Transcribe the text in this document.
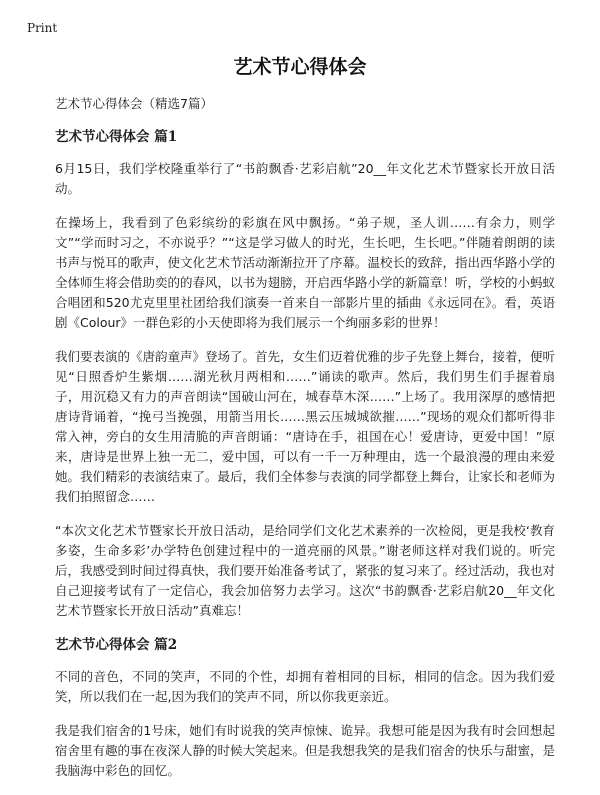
Print
艺术节心得体会
艺术节心得体会（精选7篇）
艺术节心得体会 篇1

6月15日，我们学校隆重举行了“书韵飘香·艺彩启航”20__年文化艺术节暨家长开放日活动。

在操场上，我看到了色彩缤纷的彩旗在风中飘扬。“弟子规，圣人训……有余力，则学文”“学而时习之，不亦说乎？”“这是学习做人的时光，生长吧，生长吧。”伴随着朗朗的读书声与悦耳的歌声，使文化艺术节活动渐渐拉开了序幕。温校长的致辞，指出西华路小学的全体师生将会借助奕的的春风，以书为翅膀，开启西华路小学的新篇章！听，学校的小蚂蚁合唱团和520尤克里里社团给我们演奏一首来自一部影片里的插曲《永远同在》。看，英语剧《Colour》一群色彩的小天使即将为我们展示一个绚丽多彩的世界！

我们要表演的《唐韵童声》登场了。首先，女生们迈着优雅的步子先登上舞台，接着，便听见“日照香炉生紫烟……湖光秋月两相和……”诵读的歌声。然后，我们男生们手握着扇子，用沉稳又有力的声音朗读“国破山河在，城春草木深……”上场了。我用深厚的感情把唐诗背诵着，“挽弓当挽强，用箭当用长……黑云压城城欲摧……”现场的观众们都听得非常入神，旁白的女生用清脆的声音朗诵：“唐诗在手，祖国在心！爱唐诗，更爱中国！”原来，唐诗是世界上独一无二，爱中国，可以有一千一万种理由，选一个最浪漫的理由来爱她。我们精彩的表演结束了。最后，我们全体参与表演的同学都登上舞台，让家长和老师为我们拍照留念……

“本次文化艺术节暨家长开放日活动，是给同学们文化艺术素养的一次检阅，更是我校‘教育多姿，生命多彩’办学特色创建过程中的一道亮丽的风景。”谢老师这样对我们说的。听完后，我感受到时间过得真快，我们要开始准备考试了，紧张的复习来了。经过活动，我也对自己迎接考试有了一定信心，我会加倍努力去学习。这次“书韵飘香·艺彩启航20__年文化艺术节暨家长开放日活动”真难忘！

艺术节心得体会 篇2

不同的音色，不同的笑声，不同的个性，却拥有着相同的目标，相同的信念。因为我们爱笑，所以我们在一起,因为我们的笑声不同，所以你我更亲近。

我是我们宿舍的1号床，她们有时说我的笑声惊悚、诡异。我想可能是因为我有时会回想起宿舍里有趣的事在夜深人静的时候大笑起来。但是我想我笑的是我们宿舍的快乐与甜蜜，是我脑海中彩色的回忆。
